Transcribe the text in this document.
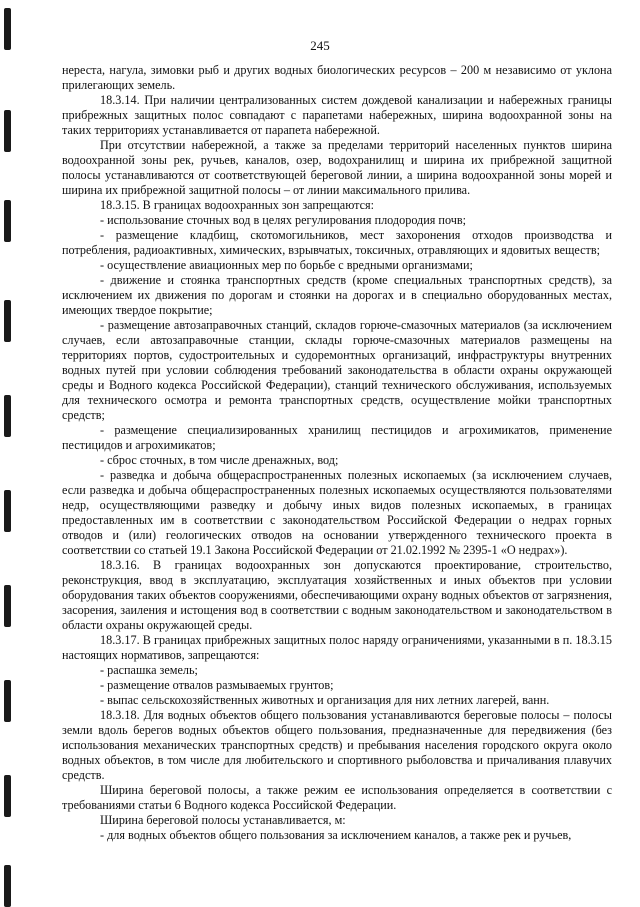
245

нереста, нагула, зимовки рыб и других водных биологических ресурсов – 200 м независимо от уклона прилегающих земель.

18.3.14. При наличии централизованных систем дождевой канализации и набережных границы прибрежных защитных полос совпадают с парапетами набережных, ширина водоохранной зоны на таких территориях устанавливается от парапета набережной.

При отсутствии набережной, а также за пределами территорий населенных пунктов ширина водоохранной зоны рек, ручьев, каналов, озер, водохранилищ и ширина их прибрежной защитной полосы устанавливаются от соответствующей береговой линии, а ширина водоохранной зоны морей и ширина их прибрежной защитной полосы – от линии максимального прилива.

18.3.15. В границах водоохранных зон запрещаются:

- использование сточных вод в целях регулирования плодородия почв;

- размещение кладбищ, скотомогильников, мест захоронения отходов производства и потребления, радиоактивных, химических, взрывчатых, токсичных, отравляющих и ядовитых веществ;

- осуществление авиационных мер по борьбе с вредными организмами;

- движение и стоянка транспортных средств (кроме специальных транспортных средств), за исключением их движения по дорогам и стоянки на дорогах и в специально оборудованных местах, имеющих твердое покрытие;

- размещение автозаправочных станций, складов горюче-смазочных материалов (за исключением случаев, если автозаправочные станции, склады горюче-смазочных материалов размещены на территориях портов, судостроительных и судоремонтных организаций, инфраструктуры внутренних водных путей при условии соблюдения требований законодательства в области охраны окружающей среды и Водного кодекса Российской Федерации), станций технического обслуживания, используемых для технического осмотра и ремонта транспортных средств, осуществление мойки транспортных средств;

- размещение специализированных хранилищ пестицидов и агрохимикатов, применение пестицидов и агрохимикатов;

- сброс сточных, в том числе дренажных, вод;

- разведка и добыча общераспространенных полезных ископаемых (за исключением случаев, если разведка и добыча общераспространенных полезных ископаемых осуществляются пользователями недр, осуществляющими разведку и добычу иных видов полезных ископаемых, в границах предоставленных им в соответствии с законодательством Российской Федерации о недрах горных отводов и (или) геологических отводов на основании утвержденного технического проекта в соответствии со статьей 19.1 Закона Российской Федерации от 21.02.1992 № 2395-1 «О недрах»).

18.3.16. В границах водоохранных зон допускаются проектирование, строительство, реконструкция, ввод в эксплуатацию, эксплуатация хозяйственных и иных объектов при условии оборудования таких объектов сооружениями, обеспечивающими охрану водных объектов от загрязнения, засорения, заиления и истощения вод в соответствии с водным законодательством и законодательством в области охраны окружающей среды.

18.3.17. В границах прибрежных защитных полос наряду ограничениями, указанными в п. 18.3.15 настоящих нормативов, запрещаются:

- распашка земель;

- размещение отвалов размываемых грунтов;

- выпас сельскохозяйственных животных и организация для них летних лагерей, ванн.

18.3.18. Для водных объектов общего пользования устанавливаются береговые полосы – полосы земли вдоль берегов водных объектов общего пользования, предназначенные для передвижения (без использования механических транспортных средств) и пребывания населения городского округа около водных объектов, в том числе для любительского и спортивного рыболовства и причаливания плавучих средств.

Ширина береговой полосы, а также режим ее использования определяется в соответствии с требованиями статьи 6 Водного кодекса Российской Федерации.

Ширина береговой полосы устанавливается, м:

- для водных объектов общего пользования за исключением каналов, а также рек и ручьев,
